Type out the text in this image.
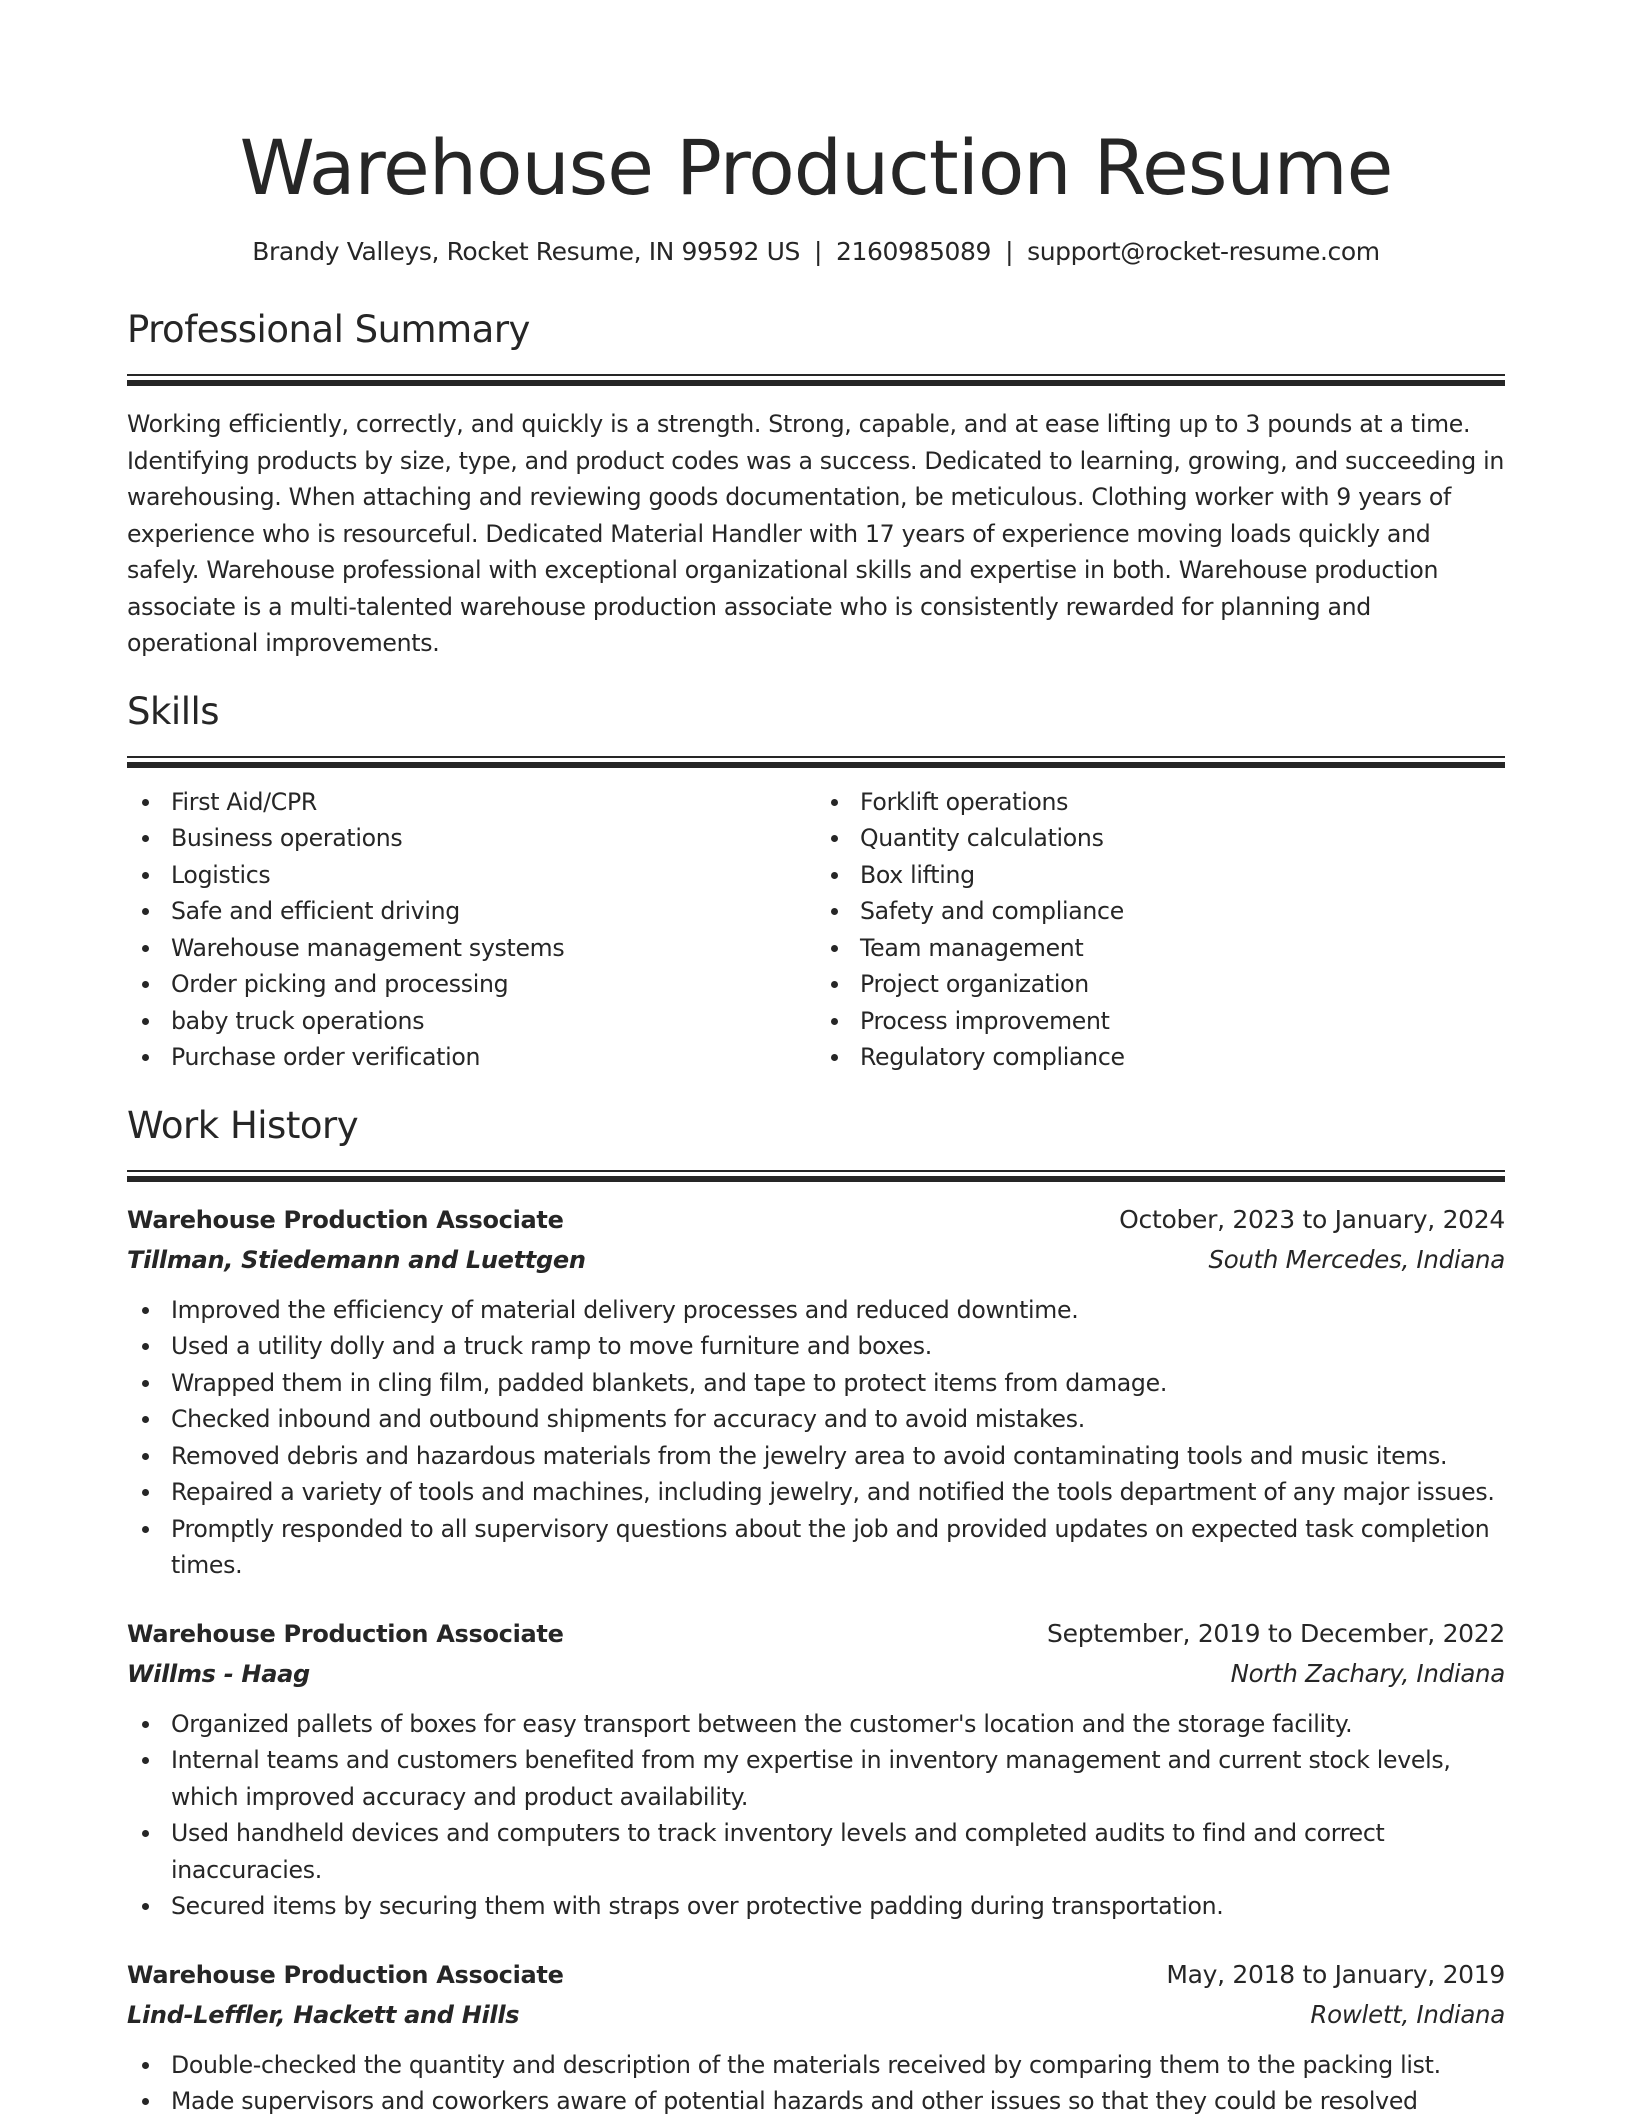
Warehouse Production Resume
Brandy Valleys, Rocket Resume, IN 99592 US | 2160985089 | support@rocket-resume.com
Professional Summary

Working efficiently, correctly, and quickly is a strength. Strong, capable, and at ease lifting up to 3 pounds at a time. Identifying products by size, type, and product codes was a success. Dedicated to learning, growing, and succeeding in warehousing. When attaching and reviewing goods documentation, be meticulous. Clothing worker with 9 years of experience who is resourceful. Dedicated Material Handler with 17 years of experience moving loads quickly and safely. Warehouse professional with exceptional organizational skills and expertise in both. Warehouse production associate is a multi-talented warehouse production associate who is consistently rewarded for planning and operational improvements.

Skills
First Aid/CPR
Business operations
Logistics
Safe and efficient driving
Warehouse management systems
Order picking and processing
baby truck operations
Purchase order verification
Forklift operations
Quantity calculations
Box lifting
Safety and compliance
Team management
Project organization
Process improvement
Regulatory compliance
Work History
Warehouse Production Associate	October, 2023 to January, 2024
Tillman, Stiedemann and Luettgen	South Mercedes, Indiana
Improved the efficiency of material delivery processes and reduced downtime.
Used a utility dolly and a truck ramp to move furniture and boxes.
Wrapped them in cling film, padded blankets, and tape to protect items from damage.
Checked inbound and outbound shipments for accuracy and to avoid mistakes.
Removed debris and hazardous materials from the jewelry area to avoid contaminating tools and music items.
Repaired a variety of tools and machines, including jewelry, and notified the tools department of any major issues.
Promptly responded to all supervisory questions about the job and provided updates on expected task completion times.
Warehouse Production Associate	September, 2019 to December, 2022
Willms - Haag	North Zachary, Indiana
Organized pallets of boxes for easy transport between the customer's location and the storage facility.
Internal teams and customers benefited from my expertise in inventory management and current stock levels, which improved accuracy and product availability.
Used handheld devices and computers to track inventory levels and completed audits to find and correct inaccuracies.
Secured items by securing them with straps over protective padding during transportation.
Warehouse Production Associate	May, 2018 to January, 2019
Lind-Leffler, Hackett and Hills	Rowlett, Indiana
Double-checked the quantity and description of the materials received by comparing them to the packing list.
Made supervisors and coworkers aware of potential hazards and other issues so that they could be resolved
